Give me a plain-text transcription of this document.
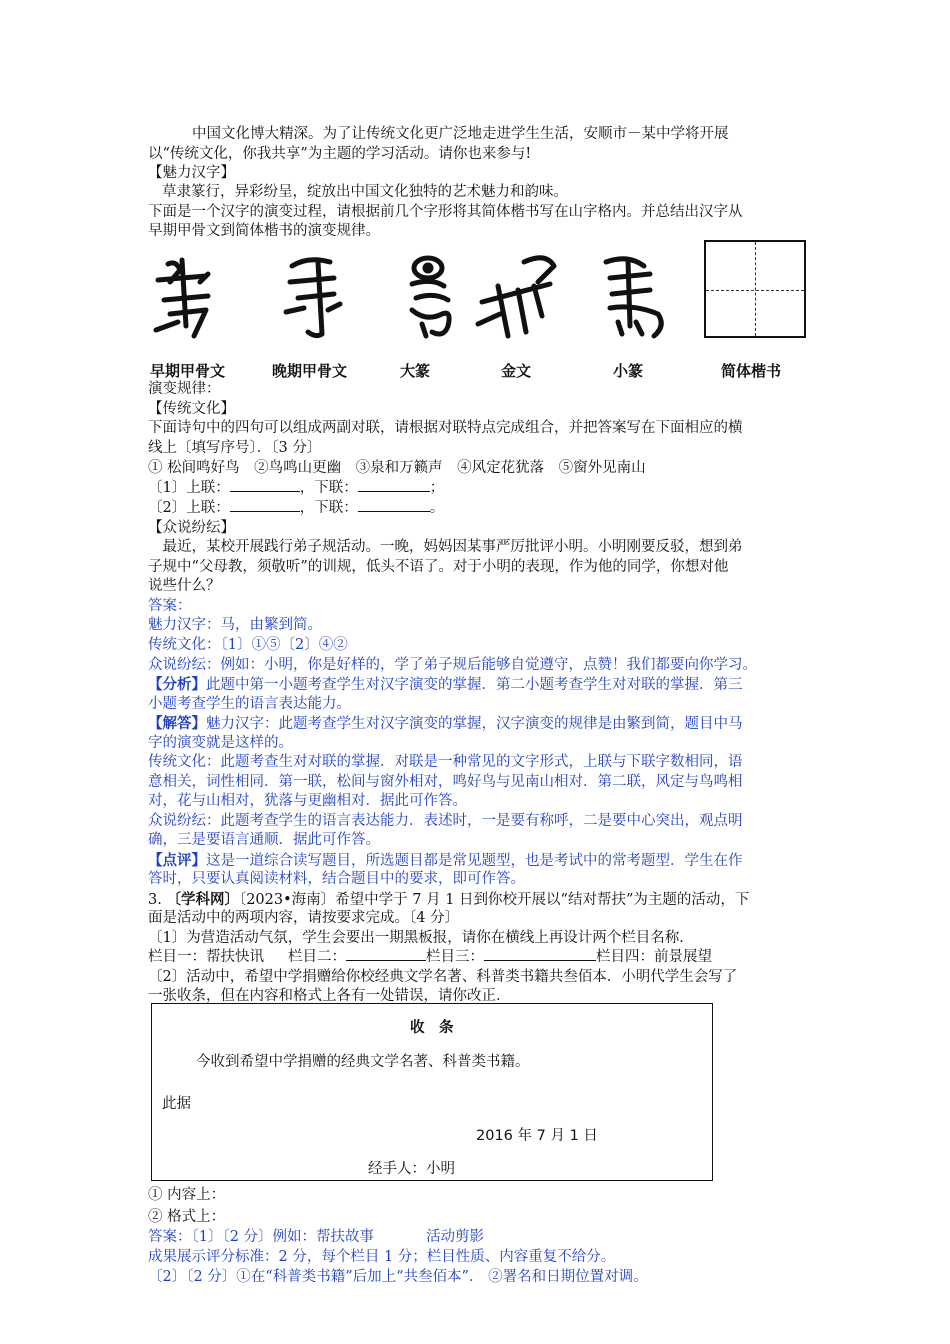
中国文化博大精深。为了让传统文化更广泛地走进学生生活，安顺市－某中学将开展
以“传统文化，你我共享”为主题的学习活动。请你也来参与!
【魅力汉字】
草隶篆行，异彩纷呈，绽放出中国文化独特的艺术魅力和韵味。
下面是一个汉字的演变过程，请根据前几个字形将其简体楷书写在山字格内。并总结出汉字从
早期甲骨文到简体楷书的演变规律。
早期甲骨文	晚期甲骨文	大篆	金文	小篆	简体楷书
演变规律：
【传统文化】
下面诗句中的四句可以组成两副对联，请根据对联特点完成组合，并把答案写在下面相应的横
线上〔填写序号〕．〔3 分〕
① 松间鸣好鸟　②鸟鸣山更幽　③泉和万籁声　④风定花犹落　⑤窗外见南山
〔1〕上联：	，下联：	；
〔2〕上联：	，下联：	。
【众说纷纭】
　最近，某校开展践行弟子规活动。一晚，妈妈因某事严厉批评小明。小明刚要反驳，想到弟
子规中“父母教，须敬听”的训规，低头不语了。对于小明的表现，作为他的同学，你想对他
说些什么？
答案：
魅力汉字：马，由繁到简。
传统文化：〔1〕①⑤〔2〕④②
众说纷纭：例如：小明，你是好样的，学了弟子规后能够自觉遵守，点赞！我们都要向你学习。
【分析】此题中第一小题考查学生对汉字演变的掌握．第二小题考查学生对对联的掌握．第三
小题考查学生的语言表达能力。
【解答】魅力汉字：此题考查学生对汉字演变的掌握，汉字演变的规律是由繁到简，题目中马
字的演变就是这样的。
传统文化：此题考查生对对联的掌握．对联是一种常见的文字形式，上联与下联字数相同，语
意相关，词性相同．第一联，松间与窗外相对，鸣好鸟与见南山相对．第二联，风定与鸟鸣相
对，花与山相对，犹落与更幽相对．据此可作答。
众说纷纭：此题考查学生的语言表达能力．表述时，一是要有称呼，二是要中心突出，观点明
确，三是要语言通顺．据此可作答。
【点评】这是一道综合读写题目，所选题目都是常见题型，也是考试中的常考题型．学生在作
答时，只要认真阅读材料，结合题目中的要求，即可作答。
3. 〔学科网〕〔2023•海南〕希望中学于 7 月 1 日到你校开展以“结对帮扶”为主题的活动，下
面是活动中的两项内容，请按要求完成。〔4 分〕
〔1〕为营造活动气氛，学生会要出一期黑板报，请你在横线上再设计两个栏目名称．
栏目一：帮扶快讯 栏目二：	栏目三：	栏目四：前景展望
〔2〕活动中，希望中学捐赠给你校经典文学名著、科普类书籍共叁佰本．小明代学生会写了
一张收条，但在内容和格式上各有一处错误，请你改正．
收　条
今收到希望中学捐赠的经典文学名著、科普类书籍。
此据
2016 年 7 月 1 日
经手人：小明
① 内容上：
② 格式上：
答案：〔1〕〔2 分〕例如：帮扶故事	活动剪影
成果展示评分标准：2 分，每个栏目 1 分；栏目性质、内容重复不给分。
〔2〕〔2 分〕①在“科普类书籍”后加上“共叁佰本”． ②署名和日期位置对调。
